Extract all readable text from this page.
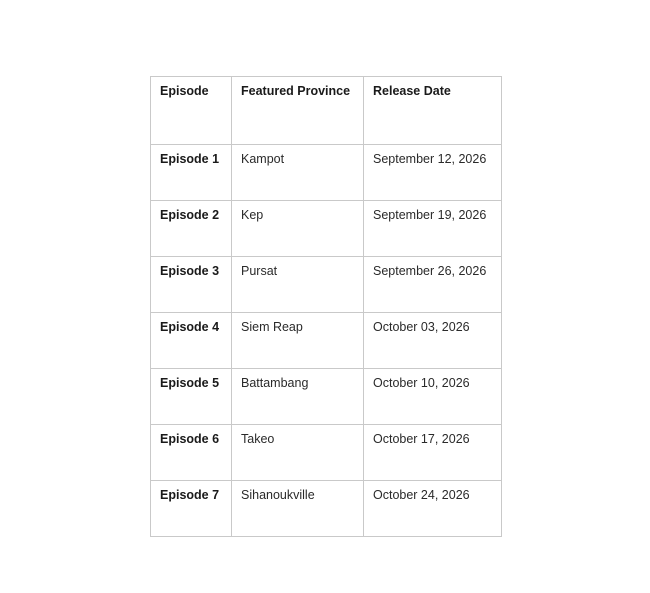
Episode	Featured Province	Release Date
Episode 1	Kampot	September 12, 2026
Episode 2	Kep	September 19, 2026
Episode 3	Pursat	September 26, 2026
Episode 4	Siem Reap	October 03, 2026
Episode 5	Battambang	October 10, 2026
Episode 6	Takeo	October 17, 2026
Episode 7	Sihanoukville	October 24, 2026
